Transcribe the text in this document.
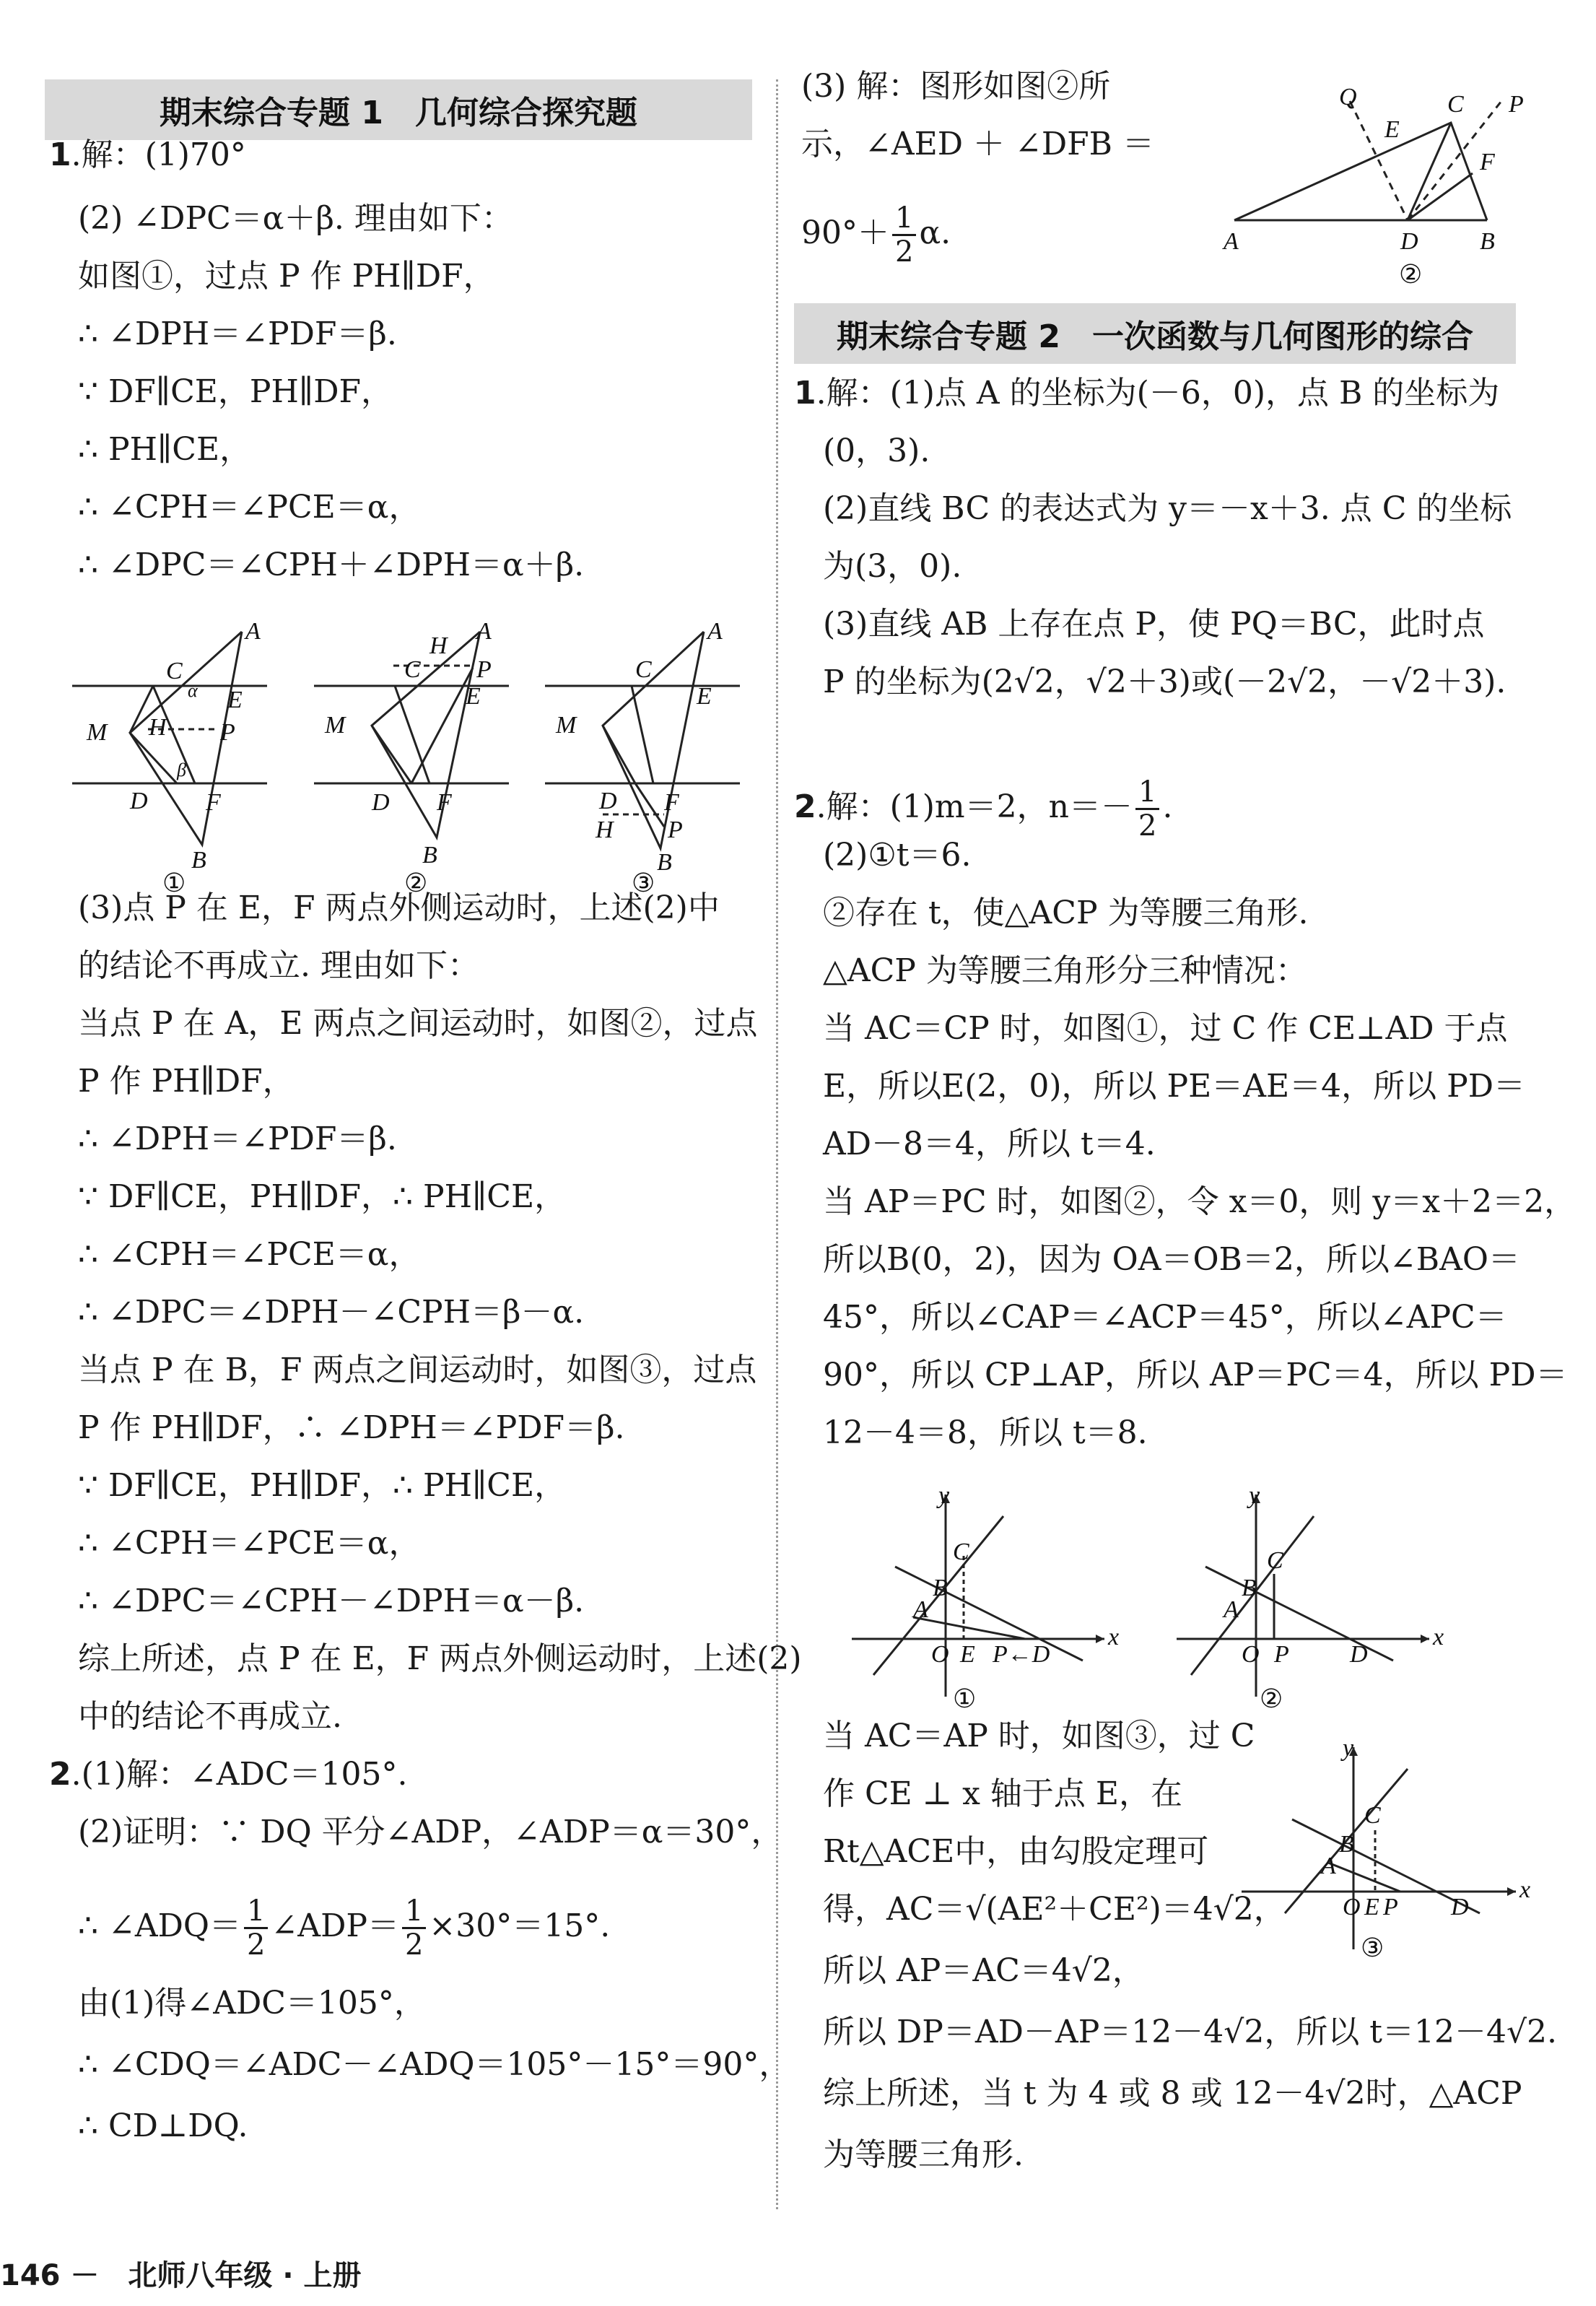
期末综合专题 1　几何综合探究题
1.解：(1)70°
(2) ∠DPC＝α＋β. 理由如下：
如图①，过点 P 作 PH∥DF，
∴ ∠DPH＝∠PDF＝β.
∵ DF∥CE，PH∥DF，
∴ PH∥CE，
∴ ∠CPH＝∠PCE＝α，
∴ ∠DPC＝∠CPH＋∠DPH＝α＋β.
(3)点 P 在 E，F 两点外侧运动时，上述(2)中
的结论不再成立. 理由如下：
当点 P 在 A，E 两点之间运动时，如图②，过点
P 作 PH∥DF，
∴ ∠DPH＝∠PDF＝β.
∵ DF∥CE，PH∥DF，∴ PH∥CE，
∴ ∠CPH＝∠PCE＝α，
∴ ∠DPC＝∠DPH－∠CPH＝β－α.
当点 P 在 B，F 两点之间运动时，如图③，过点
P 作 PH∥DF，∴ ∠DPH＝∠PDF＝β.
∵ DF∥CE，PH∥DF，∴ PH∥CE，
∴ ∠CPH＝∠PCE＝α，
∴ ∠DPC＝∠CPH－∠DPH＝α－β.
综上所述，点 P 在 E，F 两点外侧运动时，上述(2)
中的结论不再成立.
2.(1)解：∠ADC＝105°.
(2)证明：∵ DQ 平分∠ADP，∠ADP＝α＝30°，
由(1)得∠ADC＝105°，
∴ ∠CDQ＝∠ADC－∠ADQ＝105°－15°＝90°，
∴ CD⊥DQ.
∴ ∠ADQ＝ $\frac{1}{2}$ ∠ADP＝ $\frac{1}{2} \times 30^\circ=15^\circ$.
A
C
E
M H P
D F
B
α
β
①
H
A
C P
E
M
D F
B
②
A
C
E
M
D F
H P
B
③
(3) 解：图形如图②所
示，∠AED ＋ ∠DFB ＝
$90^\circ+ \frac{1}{2} \alpha$.
Q	C P
E
F
A	D	B
②
期末综合专题 2　一次函数与几何图形的综合
1.解：(1)点 A 的坐标为(－6，0)，点 B 的坐标为
(0，3).
(2)直线 BC 的表达式为 y＝－x＋3. 点 C 的坐标
为(3，0).
(3)直线 AB 上存在点 P，使 PQ＝BC，此时点
P 的坐标为(2√2，√2＋3)或(－2√2，－√2＋3).
(2)①t＝6.
②存在 t，使△ACP 为等腰三角形.
△ACP 为等腰三角形分三种情况：
当 AC＝CP 时，如图①，过 C 作 CE⊥AD 于点
E，所以E(2，0)，所以 PE＝AE＝4，所以 PD＝
AD－8＝4，所以 t＝4.
当 AP＝PC 时，如图②，令 x＝0，则 y＝x＋2＝2，
所以B(0，2)，因为 OA＝OB＝2，所以∠BAO＝
45°，所以∠CAP＝∠ACP＝45°，所以∠APC＝
90°，所以 CP⊥AP，所以 AP＝PC＝4，所以 PD＝
12－4＝8，所以 t＝8.
当 AC＝AP 时，如图③，过 C
作 CE ⊥ x 轴于点 E，在
Rt△ACE中，由勾股定理可
得，AC＝√(AE²＋CE²)＝4√2，
所以 AP＝AC＝4√2，
所以 DP＝AD－AP＝12－4√2，所以 t＝12－4√2.
综上所述，当 t 为 4 或 8 或 12－4√2时，△ACP
为等腰三角形.
2.解：(1)m＝2，$n=- \frac{1}{2}$ .
y
x
C
B
A
O E P←D
①
y
x
C
B
A
O P D
②
y
x
C
B
A
O E P D
③
146 －　北师八年级 · 上册
